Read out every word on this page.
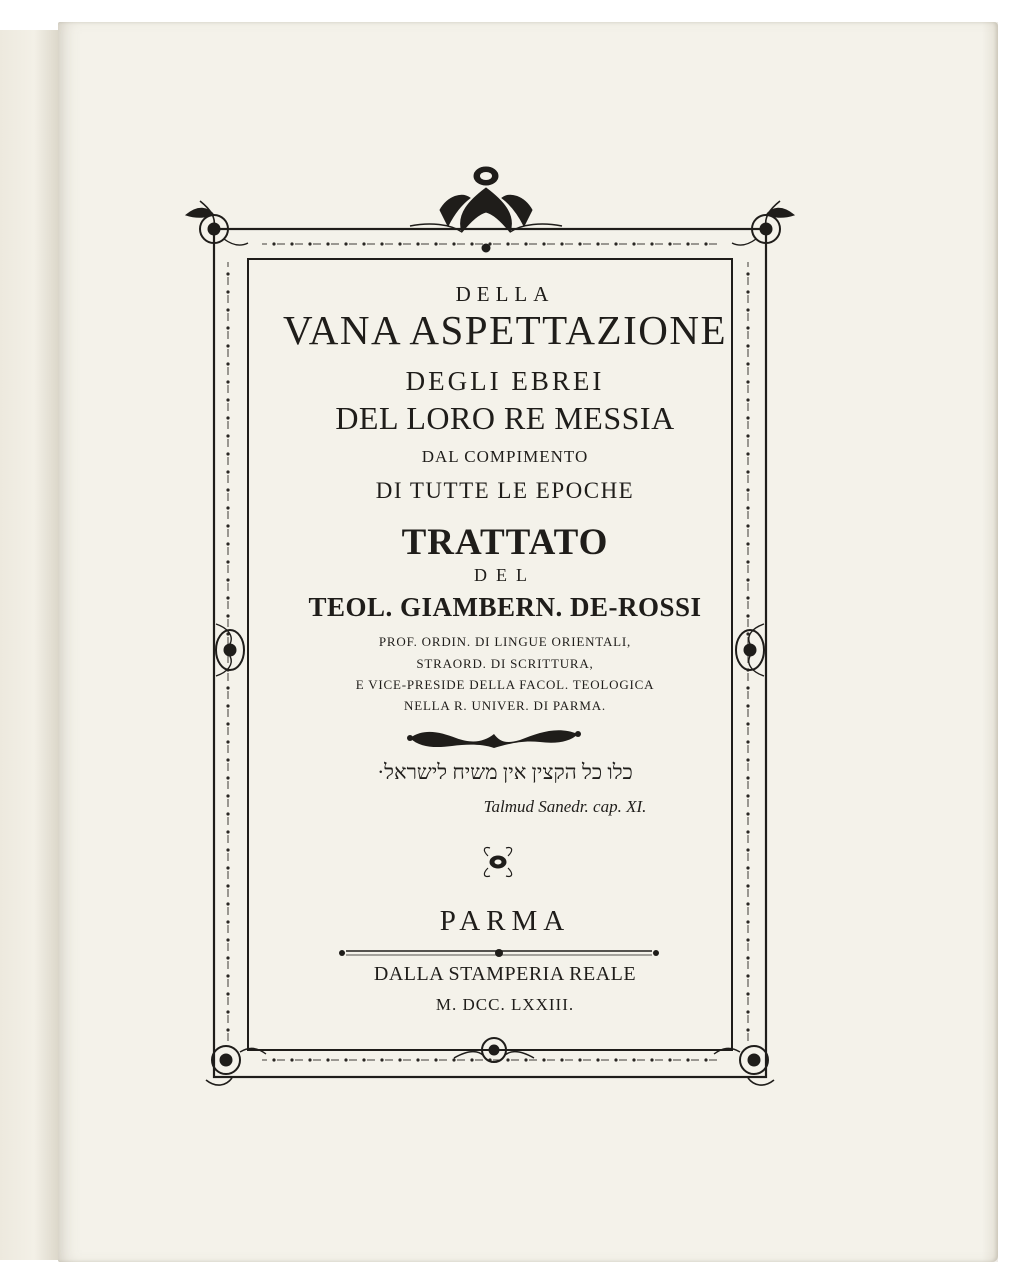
DELLA
VANA ASPETTAZIONE
DEGLI EBREI
DEL LORO RE MESSIA
DAL COMPIMENTO
DI TUTTE LE EPOCHE
TRATTATO
DEL
TEOL. GIAMBERN. DE-ROSSI
PROF. ORDIN. DI LINGUE ORIENTALI,
STRAORD. DI SCRITTURA,
E VICE-PRESIDE DELLA FACOL. TEOLOGICA
NELLA R. UNIVER. DI PARMA.
כלו כל הקצין אין משיח לישראל·
Talmud Sanedr. cap. XI.
PARMA
DALLA STAMPERIA REALE
M. DCC. LXXIII.
